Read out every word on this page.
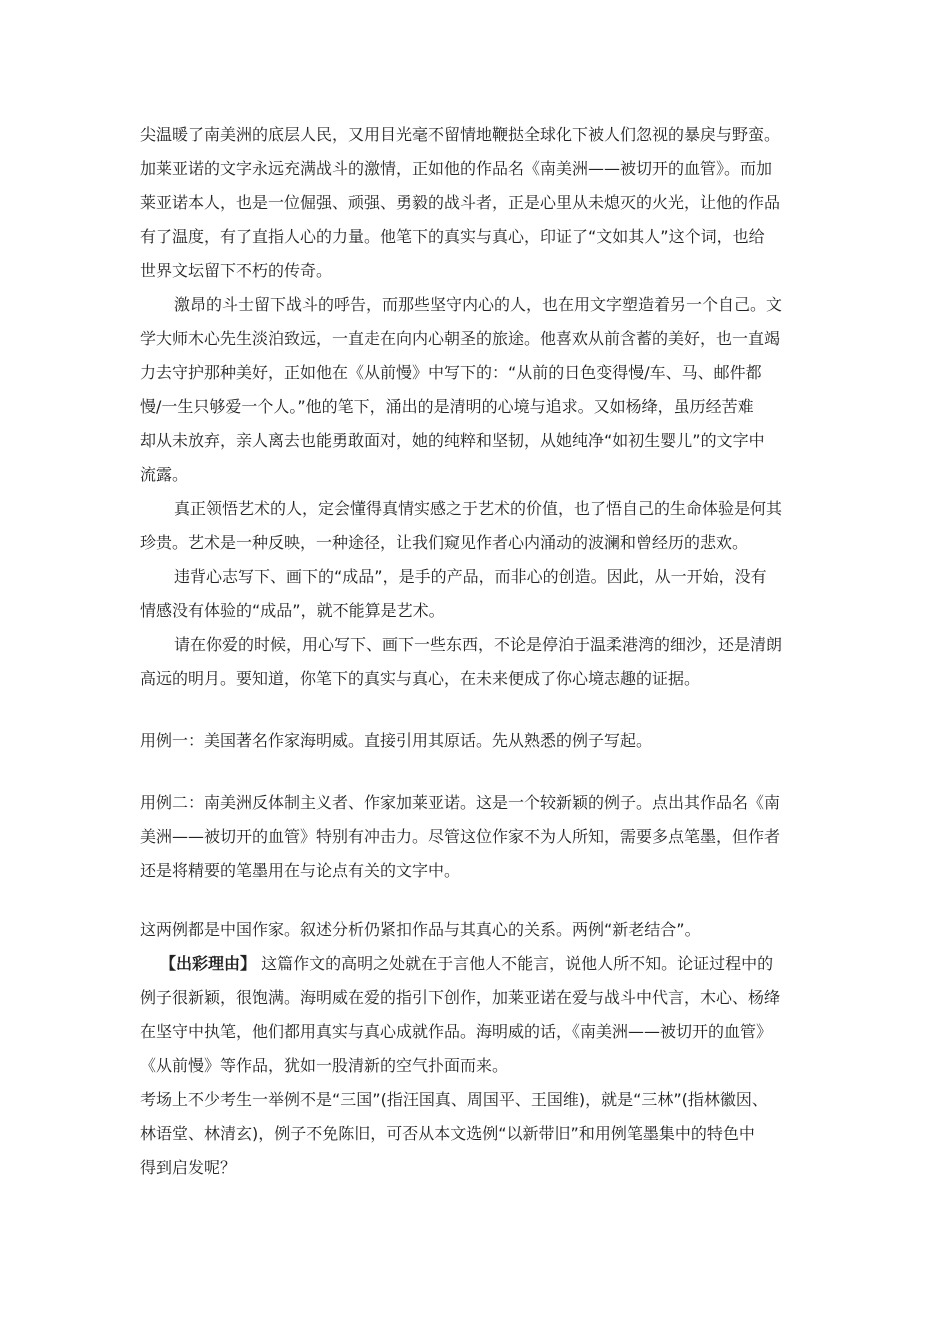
尖温暖了南美洲的底层人民，又用目光毫不留情地鞭挞全球化下被人们忽视的暴戾与野蛮。
加莱亚诺的文字永远充满战斗的激情，正如他的作品名《南美洲——被切开的血管》。而加
莱亚诺本人，也是一位倔强、顽强、勇毅的战斗者，正是心里从未熄灭的火光，让他的作品
有了温度，有了直指人心的力量。他笔下的真实与真心，印证了“文如其人”这个词，也给
世界文坛留下不朽的传奇。
激昂的斗士留下战斗的呼告，而那些坚守内心的人，也在用文字塑造着另一个自己。文
学大师木心先生淡泊致远，一直走在向内心朝圣的旅途。他喜欢从前含蓄的美好，也一直竭
力去守护那种美好，正如他在《从前慢》中写下的：“从前的日色变得慢/车、马、邮件都
慢/一生只够爱一个人。”他的笔下，涌出的是清明的心境与追求。又如杨绛，虽历经苦难
却从未放弃，亲人离去也能勇敢面对，她的纯粹和坚韧，从她纯净“如初生婴儿”的文字中
流露。
真正领悟艺术的人，定会懂得真情实感之于艺术的价值，也了悟自己的生命体验是何其
珍贵。艺术是一种反映，一种途径，让我们窥见作者心内涌动的波澜和曾经历的悲欢。
违背心志写下、画下的“成品”，是手的产品，而非心的创造。因此，从一开始，没有
情感没有体验的“成品”，就不能算是艺术。
请在你爱的时候，用心写下、画下一些东西，不论是停泊于温柔港湾的细沙，还是清朗
高远的明月。要知道，你笔下的真实与真心，在未来便成了你心境志趣的证据。
用例一：美国著名作家海明威。直接引用其原话。先从熟悉的例子写起。
用例二：南美洲反体制主义者、作家加莱亚诺。这是一个较新颖的例子。点出其作品名《南
美洲——被切开的血管》特别有冲击力。尽管这位作家不为人所知，需要多点笔墨，但作者
还是将精要的笔墨用在与论点有关的文字中。
这两例都是中国作家。叙述分析仍紧扣作品与其真心的关系。两例“新老结合”。
【出彩理由】 这篇作文的高明之处就在于言他人不能言，说他人所不知。论证过程中的
例子很新颖，很饱满。海明威在爱的指引下创作，加莱亚诺在爱与战斗中代言，木心、杨绛
在坚守中执笔，他们都用真实与真心成就作品。海明威的话，《南美洲——被切开的血管》
《从前慢》等作品，犹如一股清新的空气扑面而来。
考场上不少考生一举例不是“三国”(指汪国真、周国平、王国维)，就是“三林”(指林徽因、
林语堂、林清玄)，例子不免陈旧，可否从本文选例“以新带旧”和用例笔墨集中的特色中
得到启发呢？
